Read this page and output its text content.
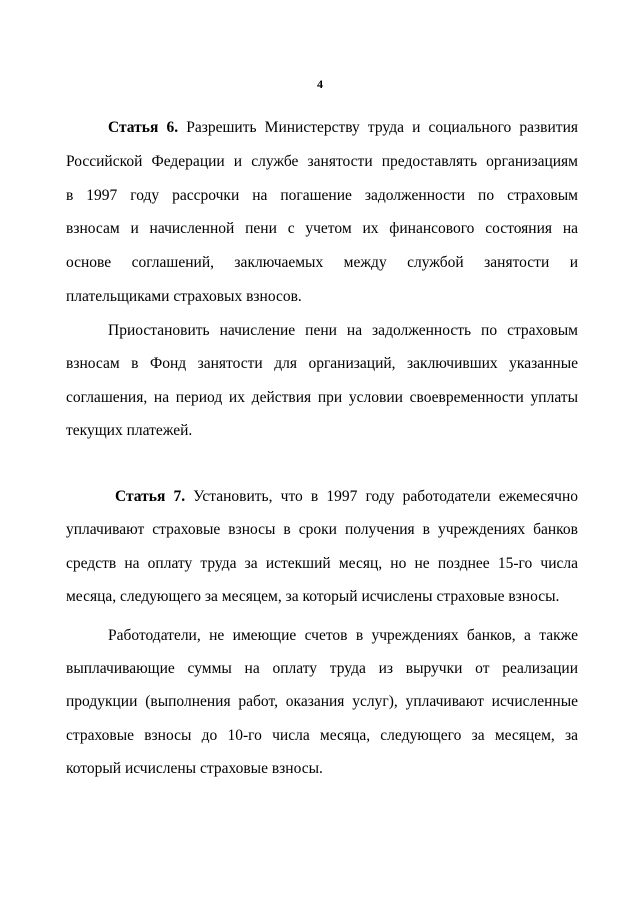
4
Статья 6. Разрешить Министерству труда и социального развития
Российской Федерации и службе занятости предоставлять организациям
в 1997 году рассрочки на погашение задолженности по страховым
взносам и начисленной пени с учетом их финансового состояния на
основе соглашений, заключаемых между службой занятости и
плательщиками страховых взносов.
Приостановить начисление пени на задолженность по страховым
взносам в Фонд занятости для организаций, заключивших указанные
соглашения, на период их действия при условии своевременности уплаты
текущих платежей.
Статья 7. Установить, что в 1997 году работодатели ежемесячно
уплачивают страховые взносы в сроки получения в учреждениях банков
средств на оплату труда за истекший месяц, но не позднее 15-го числа
месяца, следующего за месяцем, за который исчислены страховые взносы.
Работодатели, не имеющие счетов в учреждениях банков, а также
выплачивающие суммы на оплату труда из выручки от реализации
продукции (выполнения работ, оказания услуг), уплачивают исчисленные
страховые взносы до 10-го числа месяца, следующего за месяцем, за
который исчислены страховые взносы.
